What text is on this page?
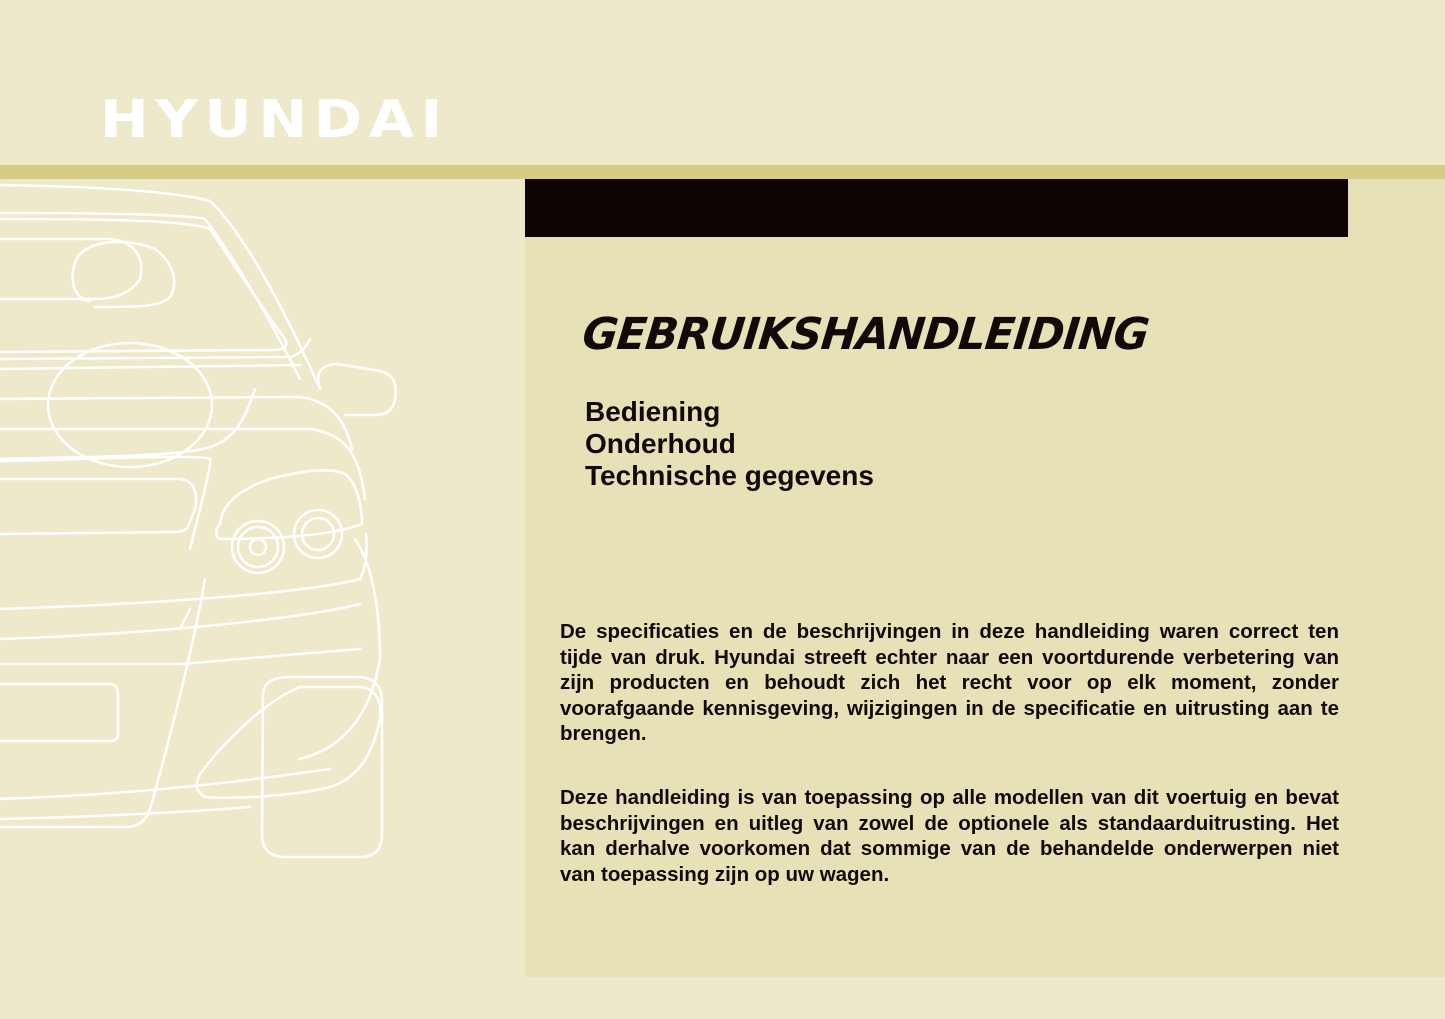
HYUNDAI
GEBRUIKSHANDLEIDING
Bediening
Onderhoud
Technische gegevens
De specificaties en de beschrijvingen in deze handleiding waren correct ten tijde van druk. Hyundai streeft echter naar een voortdurende verbetering van zijn producten en behoudt zich het recht voor op elk moment, zonder voorafgaande kennisgeving, wijzigingen in de specificatie en uitrusting aan te brengen.
Deze handleiding is van toepassing op alle modellen van dit voertuig en bevat beschrijvingen en uitleg van zowel de optionele als standaarduitrusting. Het kan derhalve voorkomen dat sommige van de behandelde onderwerpen niet van toepassing zijn op uw wagen.
